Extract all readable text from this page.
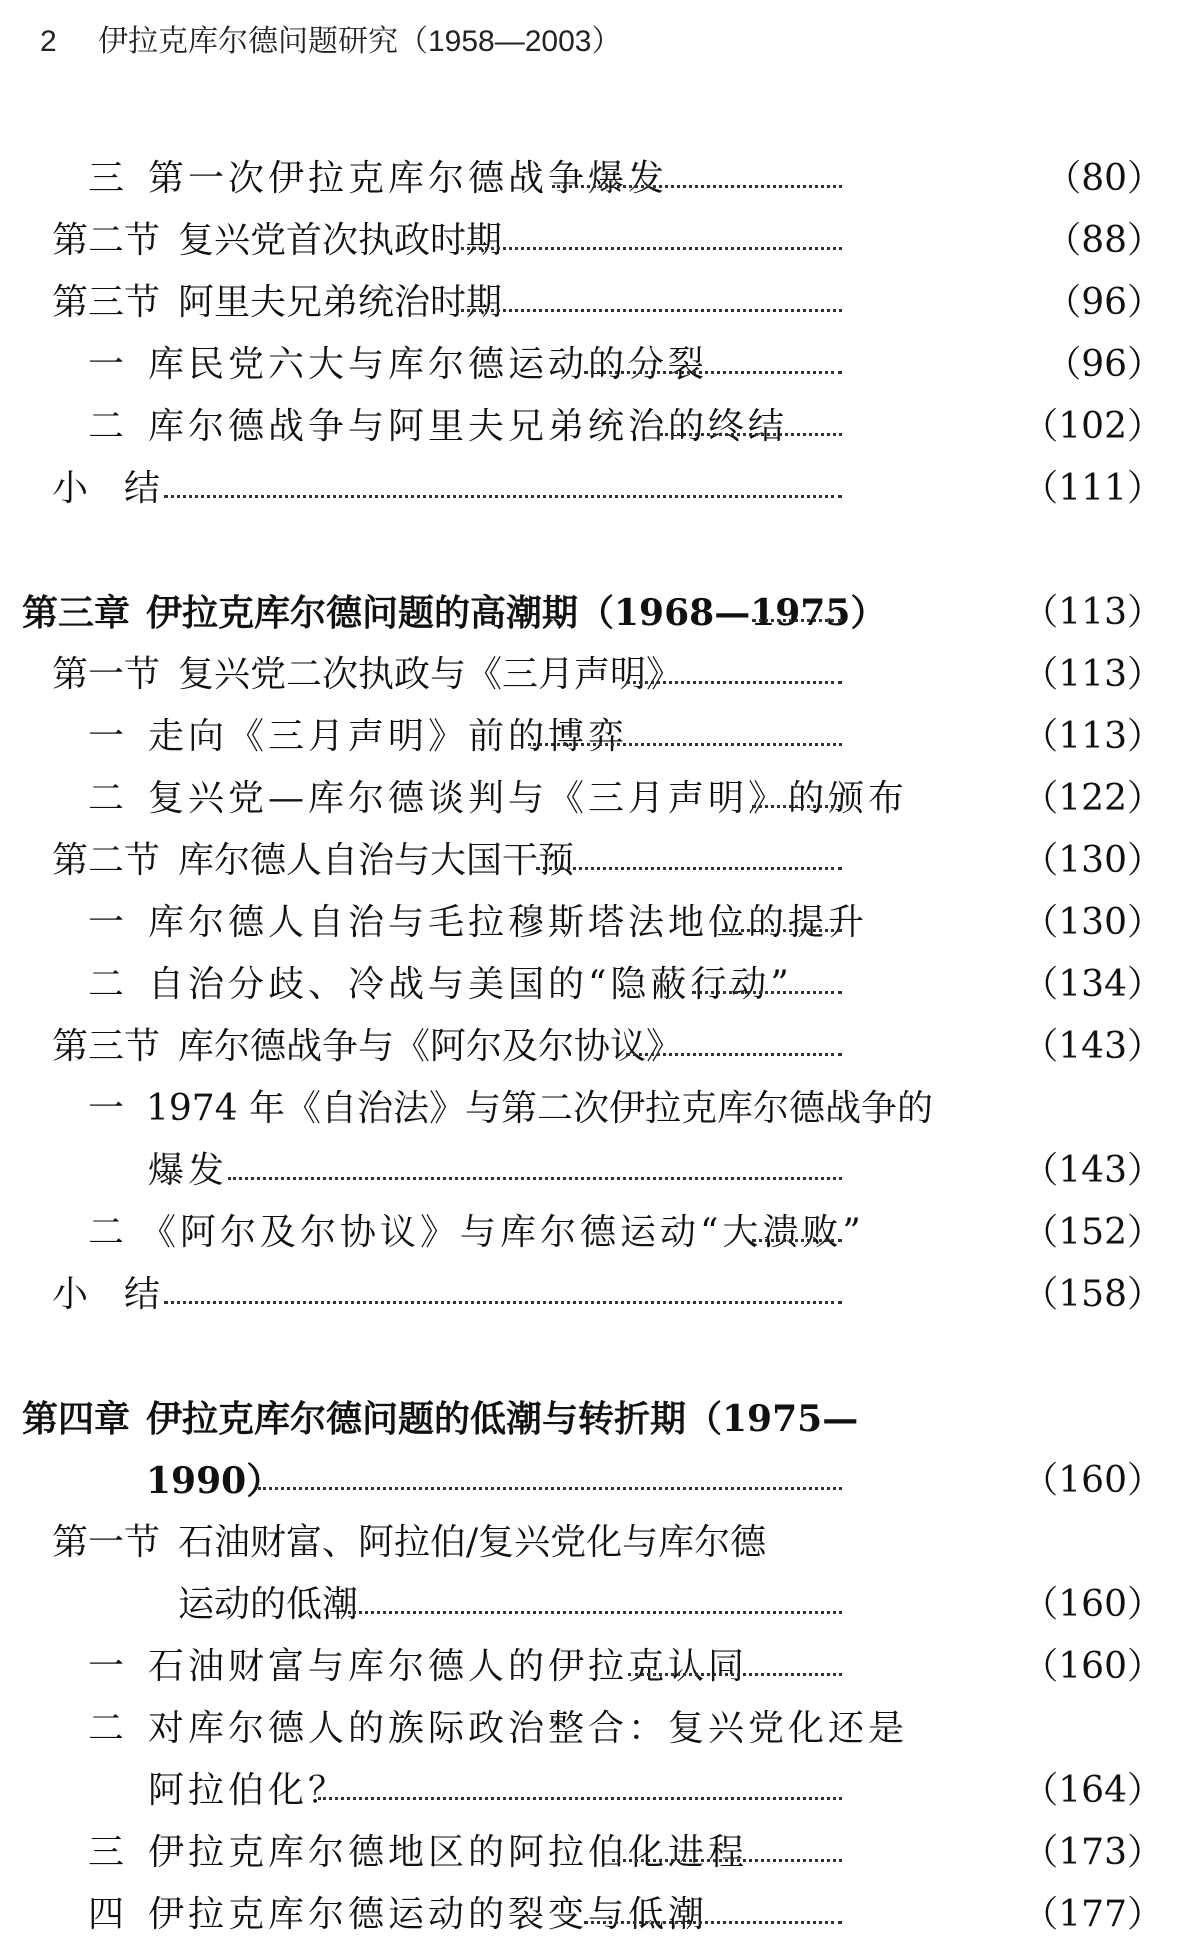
2 伊拉克库尔德问题研究（1958—2003）
三 第一次伊拉克库尔德战争爆发	（80）
第二节 复兴党首次执政时期	（88）
第三节 阿里夫兄弟统治时期	（96）
一 库民党六大与库尔德运动的分裂	（96）
二 库尔德战争与阿里夫兄弟统治的终结	（102）
小　结	（111）
第三章 伊拉克库尔德问题的高潮期（1968—1975）	（113）
第一节 复兴党二次执政与《三月声明》	（113）
一 走向《三月声明》前的博弈	（113）
二 复兴党—库尔德谈判与《三月声明》的颁布	（122）
第二节 库尔德人自治与大国干预	（130）
一 库尔德人自治与毛拉穆斯塔法地位的提升	（130）
二 自治分歧、冷战与美国的“隐蔽行动”	（134）
第三节 库尔德战争与《阿尔及尔协议》	（143）
一 1974 年《自治法》与第二次伊拉克库尔德战争的
爆发	（143）
二 《阿尔及尔协议》与库尔德运动“大溃败”	（152）
小　结	（158）
第四章 伊拉克库尔德问题的低潮与转折期（1975—
1990）	（160）
第一节 石油财富、阿拉伯/复兴党化与库尔德
运动的低潮	（160）
一 石油财富与库尔德人的伊拉克认同	（160）
二 对库尔德人的族际政治整合：复兴党化还是
阿拉伯化？	（164）
三 伊拉克库尔德地区的阿拉伯化进程	（173）
四 伊拉克库尔德运动的裂变与低潮	（177）
